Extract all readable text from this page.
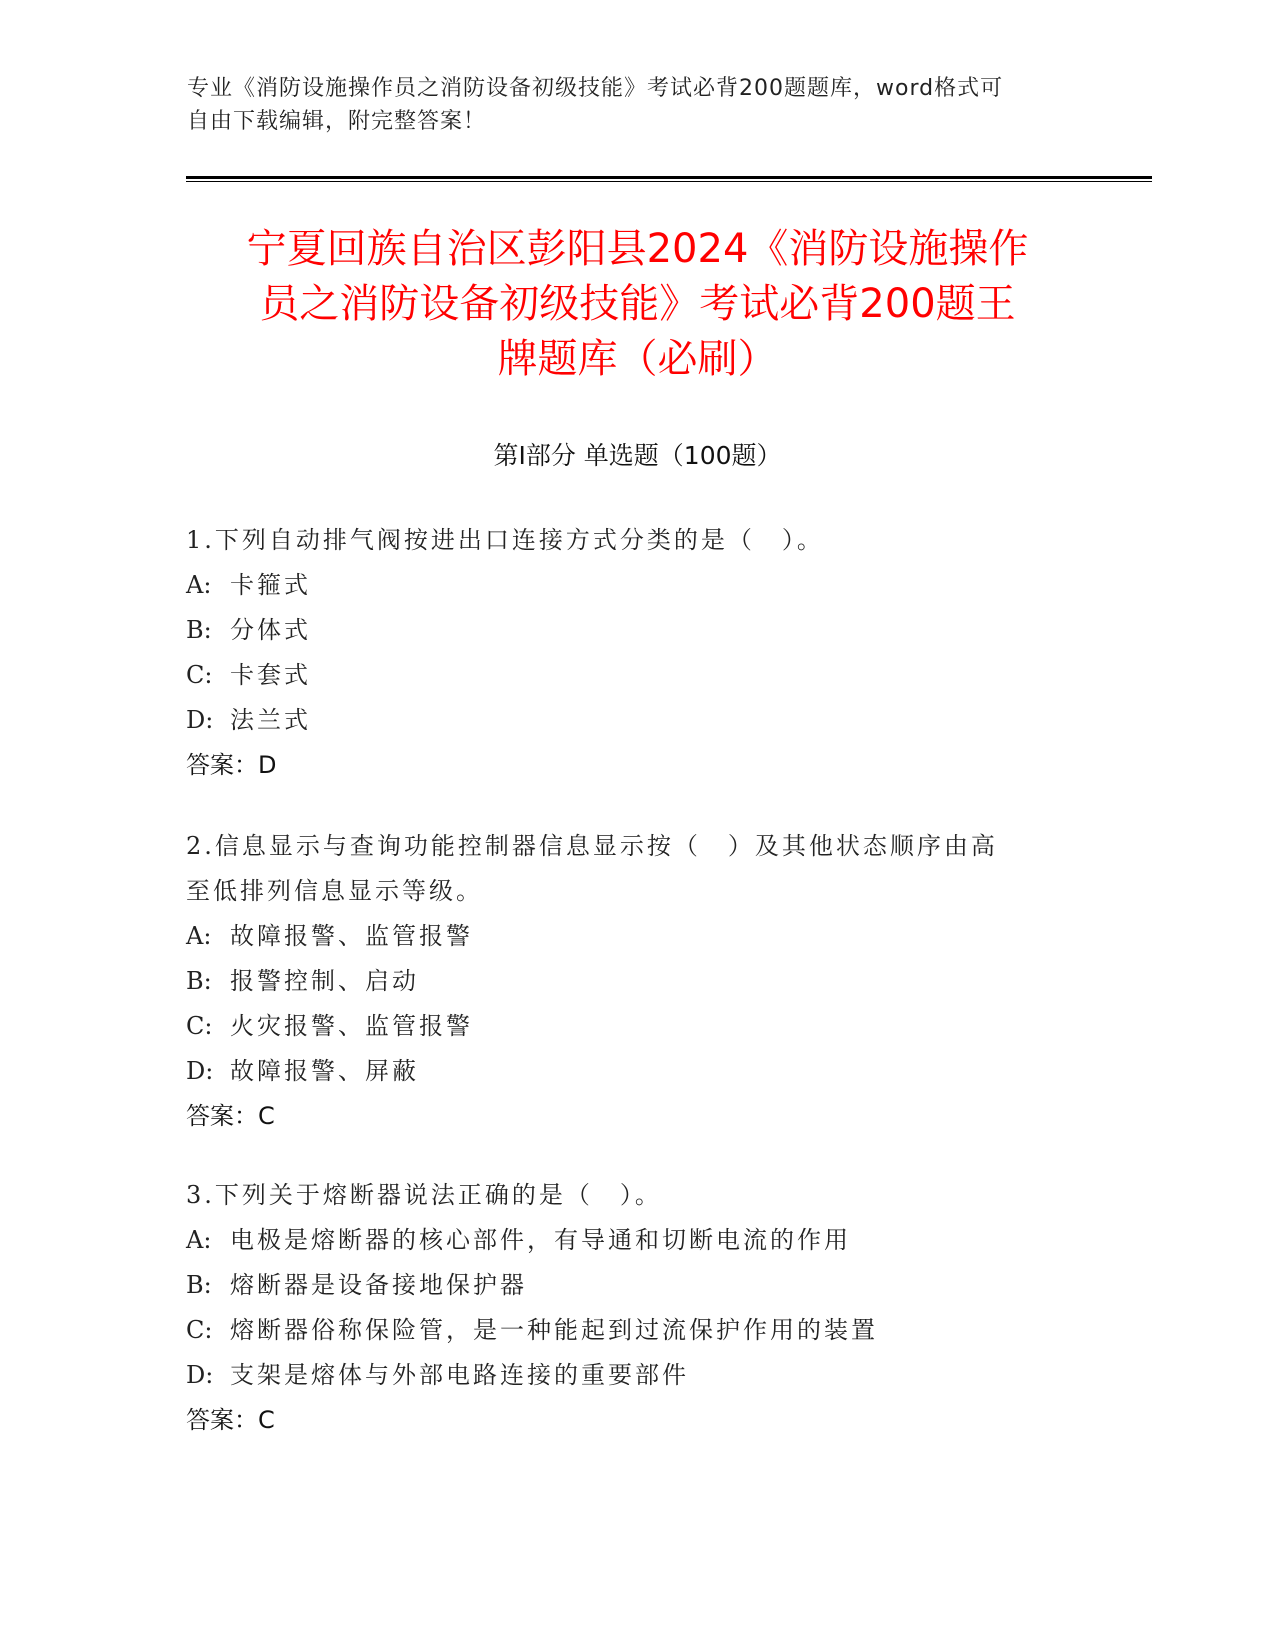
专业《消防设施操作员之消防设备初级技能》考试必背200题题库，word格式可
自由下载编辑，附完整答案！
宁夏回族自治区彭阳县2024《消防设施操作
员之消防设备初级技能》考试必背200题王
牌题库（必刷）
第Ⅰ部分 单选题（100题）
1.下列自动排气阀按进出口连接方式分类的是（　）。
A: 卡箍式
B: 分体式
C: 卡套式
D: 法兰式
答案：D
2.信息显示与查询功能控制器信息显示按（　）及其他状态顺序由高
至低排列信息显示等级。
A: 故障报警、监管报警
B: 报警控制、启动
C: 火灾报警、监管报警
D: 故障报警、屏蔽
答案：C
3.下列关于熔断器说法正确的是（　）。
A: 电极是熔断器的核心部件，有导通和切断电流的作用
B: 熔断器是设备接地保护器
C: 熔断器俗称保险管，是一种能起到过流保护作用的装置
D: 支架是熔体与外部电路连接的重要部件
答案：C
